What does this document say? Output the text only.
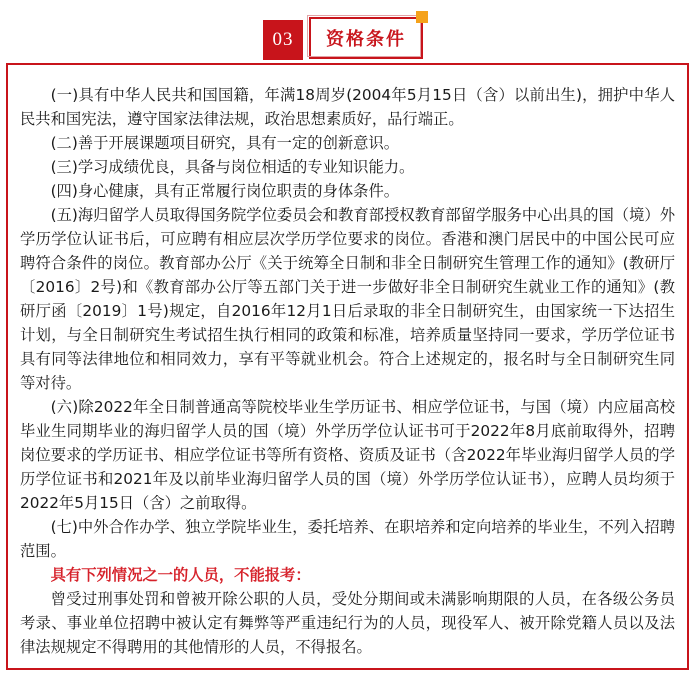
03 资格条件

(一)具有中华人民共和国国籍，年满18周岁(2004年5月15日（含）以前出生)，拥护中华人民共和国宪法，遵守国家法律法规，政治思想素质好，品行端正。

(二)善于开展课题项目研究，具有一定的创新意识。

(三)学习成绩优良，具备与岗位相适的专业知识能力。

(四)身心健康，具有正常履行岗位职责的身体条件。

(五)海归留学人员取得国务院学位委员会和教育部授权教育部留学服务中心出具的国（境）外学历学位认证书后，可应聘有相应层次学历学位要求的岗位。香港和澳门居民中的中国公民可应聘符合条件的岗位。教育部办公厅《关于统筹全日制和非全日制研究生管理工作的通知》(教研厅〔2016〕2号)和《教育部办公厅等五部门关于进一步做好非全日制研究生就业工作的通知》(教研厅函〔2019〕1号)规定，自2016年12月1日后录取的非全日制研究生，由国家统一下达招生计划，与全日制研究生考试招生执行相同的政策和标准，培养质量坚持同一要求，学历学位证书具有同等法律地位和相同效力，享有平等就业机会。符合上述规定的，报名时与全日制研究生同等对待。

(六)除2022年全日制普通高等院校毕业生学历证书、相应学位证书，与国（境）内应届高校毕业生同期毕业的海归留学人员的国（境）外学历学位认证书可于2022年8月底前取得外，招聘岗位要求的学历证书、相应学位证书等所有资格、资质及证书（含2022年毕业海归留学人员的学历学位证书和2021年及以前毕业海归留学人员的国（境）外学历学位认证书），应聘人员均须于2022年5月15日（含）之前取得。

(七)中外合作办学、独立学院毕业生，委托培养、在职培养和定向培养的毕业生，不列入招聘范围。

具有下列情况之一的人员，不能报考：

曾受过刑事处罚和曾被开除公职的人员，受处分期间或未满影响期限的人员，在各级公务员考录、事业单位招聘中被认定有舞弊等严重违纪行为的人员，现役军人、被开除党籍人员以及法律法规规定不得聘用的其他情形的人员，不得报名。
